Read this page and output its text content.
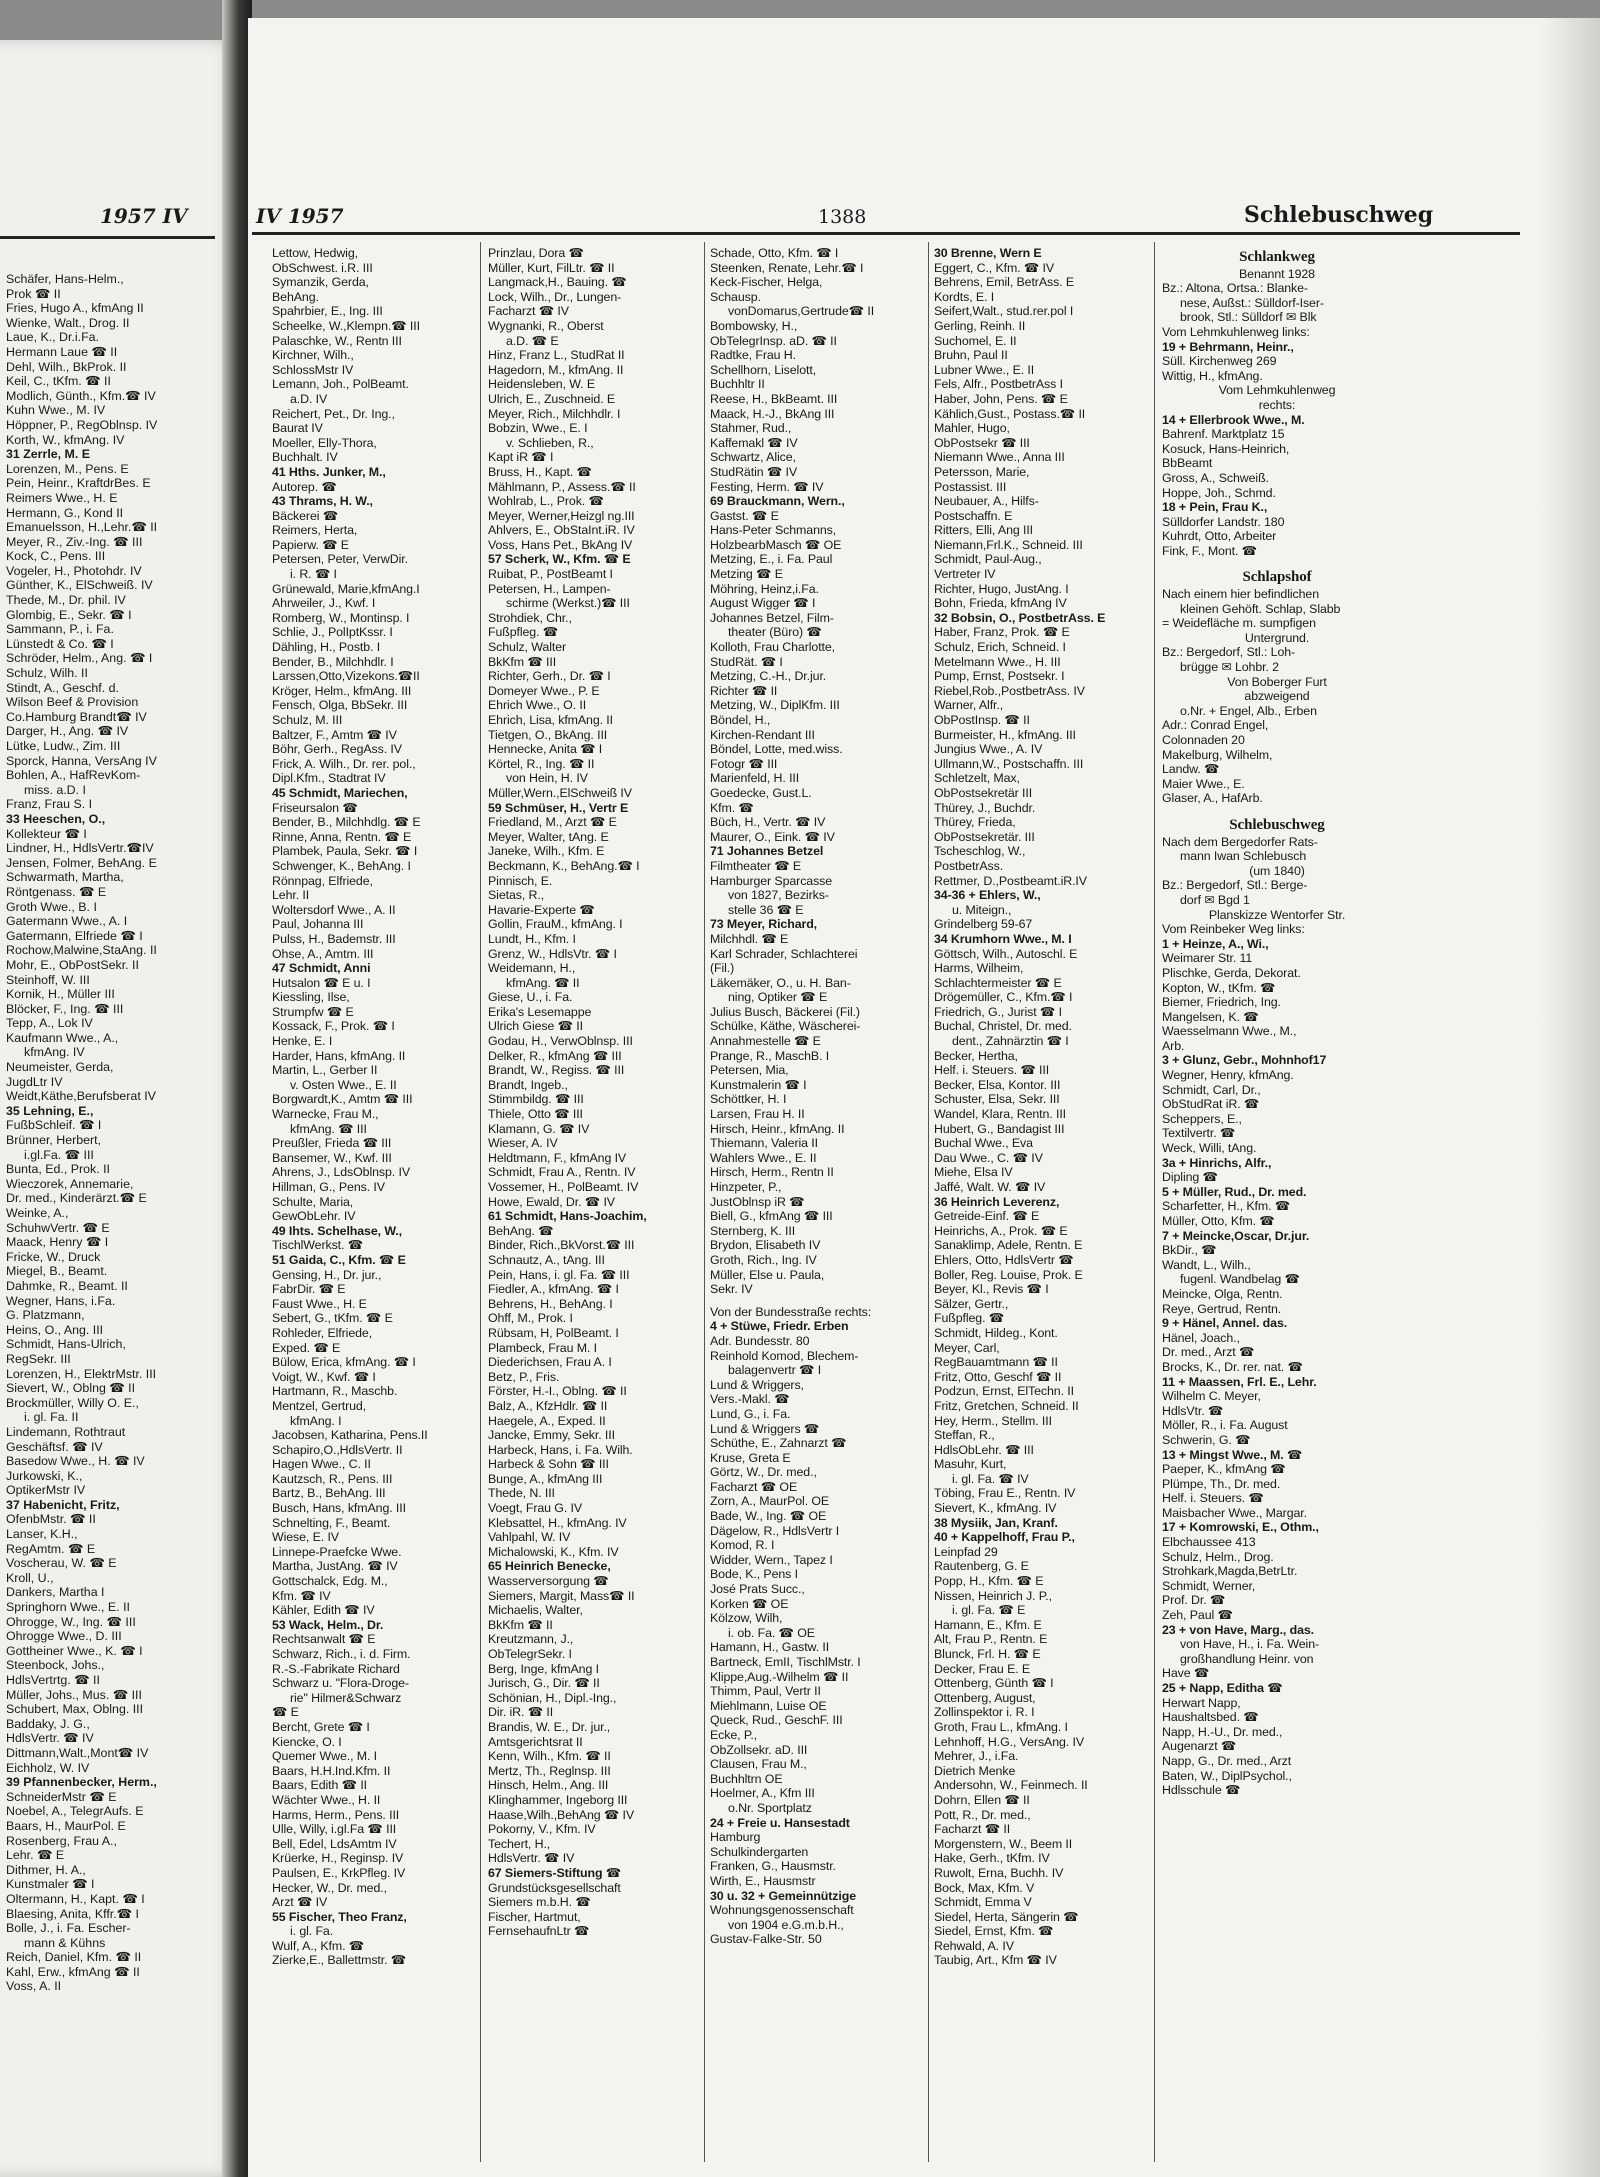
1957 IV
Schäfer, Hans-Helm.,
Prok ☎ II
Fries, Hugo A., kfmAng II
Wienke, Walt., Drog. II
Laue, K., Dr.i.Fa.
Hermann Laue ☎ II
Dehl, Wilh., BkProk. II
Keil, C., tKfm. ☎ II
Modlich, Günth., Kfm.☎ IV
Kuhn Wwe., M. IV
Höppner, P., RegOblnsp. IV
Korth, W., kfmAng. IV
31 Zerrle, M. E
Lorenzen, M., Pens. E
Pein, Heinr., KraftdrBes. E
Reimers Wwe., H. E
Hermann, G., Kond II
Emanuelsson, H.,Lehr.☎ II
Meyer, R., Ziv.-Ing. ☎ III
Kock, C., Pens. III
Vogeler, H., Photohdr. IV
Günther, K., ElSchweiß. IV
Thede, M., Dr. phil. IV
Glombig, E., Sekr. ☎ I
Sammann, P., i. Fa.
Lünstedt & Co. ☎ I
Schröder, Helm., Ang. ☎ I
Schulz, Wilh. II
Stindt, A., Geschf. d.
Wilson Beef & Provision
Co.Hamburg Brandt☎ IV
Darger, H., Ang. ☎ IV
Lütke, Ludw., Zim. III
Sporck, Hanna, VersAng IV
Bohlen, A., HafRevKom-
miss. a.D. I
Franz, Frau S. I
33 Heeschen, O.,
Kollekteur ☎ I
Lindner, H., HdlsVertr.☎IV
Jensen, Folmer, BehAng. E
Schwarmath, Martha,
Röntgenass. ☎ E
Groth Wwe., B. I
Gatermann Wwe., A. I
Gatermann, Elfriede ☎ I
Rochow,Malwine,StaAng. II
Mohr, E., ObPostSekr. II
Steinhoff, W. III
Kornik, H., Müller III
Blöcker, F., Ing. ☎ III
Tepp, A., Lok IV
Kaufmann Wwe., A.,
kfmAng. IV
Neumeister, Gerda,
JugdLtr IV
Weidt,Käthe,Berufsberat IV
35 Lehning, E.,
FußbSchleif. ☎ I
Brünner, Herbert,
i.gl.Fa. ☎ III
Bunta, Ed., Prok. II
Wieczorek, Annemarie,
Dr. med., Kinderärzt.☎ E
Weinke, A.,
SchuhwVertr. ☎ E
Maack, Henry ☎ I
Fricke, W., Druck
Miegel, B., Beamt.
Dahmke, R., Beamt. II
Wegner, Hans, i.Fa.
G. Platzmann,
Heins, O., Ang. III
Schmidt, Hans-Ulrich,
RegSekr. III
Lorenzen, H., ElektrMstr. III
Sievert, W., Oblng ☎ II
Brockmüller, Willy O. E.,
i. gl. Fa. II
Lindemann, Rothtraut
Geschäftsf. ☎ IV
Basedow Wwe., H. ☎ IV
Jurkowski, K.,
OptikerMstr IV
37 Habenicht, Fritz,
OfenbMstr. ☎ II
Lanser, K.H.,
RegAmtm. ☎ E
Voscherau, W. ☎ E
Kroll, U.,
Dankers, Martha I
Springhorn Wwe., E. II
Ohrogge, W., Ing. ☎ III
Ohrogge Wwe., D. III
Gottheiner Wwe., K. ☎ I
Steenbock, Johs.,
HdlsVertrtg. ☎ II
Müller, Johs., Mus. ☎ III
Schubert, Max, Oblng. III
Baddaky, J. G.,
HdlsVertr. ☎ IV
Dittmann,Walt.,Mont☎ IV
Eichholz, W. IV
39 Pfannenbecker, Herm.,
SchneiderMstr ☎ E
Noebel, A., TelegrAufs. E
Baars, H., MaurPol. E
Rosenberg, Frau A.,
Lehr. ☎ E
Dithmer, H. A.,
Kunstmaler ☎ I
Oltermann, H., Kapt. ☎ I
Blaesing, Anita, Kffr.☎ I
Bolle, J., i. Fa. Escher-
mann & Kühns
Reich, Daniel, Kfm. ☎ II
Kahl, Erw., kfmAng ☎ II
Voss, A. II
IV 1957	1388	Schlebuschweg
Lettow, Hedwig,
ObSchwest. i.R. III
Symanzik, Gerda,
BehAng.
Spahrbier, E., Ing. III
Scheelke, W.,Klempn.☎ III
Palaschke, W., Rentn III
Kirchner, Wilh.,
SchlossMstr IV
Lemann, Joh., PolBeamt.
a.D. IV
Reichert, Pet., Dr. Ing.,
Baurat IV
Moeller, Elly-Thora,
Buchhalt. IV
41 Hths. Junker, M.,
Autorep. ☎
43 Thrams, H. W.,
Bäckerei ☎
Reimers, Herta,
Papierw. ☎ E
Petersen, Peter, VerwDir.
i. R. ☎ I
Grünewald, Marie,kfmAng.I
Ahrweiler, J., Kwf. I
Romberg, W., Montinsp. I
Schlie, J., PolIptKssr. I
Dähling, H., Postb. I
Bender, B., Milchhdlr. I
Larssen,Otto,Vizekons.☎II
Kröger, Helm., kfmAng. III
Fensch, Olga, BbSekr. III
Schulz, M. III
Baltzer, F., Amtm ☎ IV
Böhr, Gerh., RegAss. IV
Frick, A. Wilh., Dr. rer. pol.,
Dipl.Kfm., Stadtrat IV
45 Schmidt, Mariechen,
Friseursalon ☎
Bender, B., Milchhdlg. ☎ E
Rinne, Anna, Rentn. ☎ E
Plambek, Paula, Sekr. ☎ I
Schwenger, K., BehAng. I
Rönnpag, Elfriede,
Lehr. II
Woltersdorf Wwe., A. II
Paul, Johanna III
Pulss, H., Bademstr. III
Ohse, A., Amtm. III
47 Schmidt, Anni
Hutsalon ☎ E u. I
Kiessling, Ilse,
Strumpfw ☎ E
Kossack, F., Prok. ☎ I
Henke, E. I
Harder, Hans, kfmAng. II
Martin, L., Gerber II
v. Osten Wwe., E. II
Borgwardt,K., Amtm ☎ III
Warnecke, Frau M.,
kfmAng. ☎ III
Preußler, Frieda ☎ III
Bansemer, W., Kwf. III
Ahrens, J., LdsOblnsp. IV
Hillman, G., Pens. IV
Schulte, Maria,
GewObLehr. IV
49 Ihts. Schelhase, W.,
TischlWerkst. ☎
51 Gaida, C., Kfm. ☎ E
Gensing, H., Dr. jur.,
FabrDir. ☎ E
Faust Wwe., H. E
Sebert, G., tKfm. ☎ E
Rohleder, Elfriede,
Exped. ☎ E
Bülow, Erica, kfmAng. ☎ I
Voigt, W., Kwf. ☎ I
Hartmann, R., Maschb.
Mentzel, Gertrud,
kfmAng. I
Jacobsen, Katharina, Pens.II
Schapiro,O.,HdlsVertr. II
Hagen Wwe., C. II
Kautzsch, R., Pens. III
Bartz, B., BehAng. III
Busch, Hans, kfmAng. III
Schnelting, F., Beamt.
Wiese, E. IV
Linnepe-Praefcke Wwe.
Martha, JustAng. ☎ IV
Gottschalck, Edg. M.,
Kfm. ☎ IV
Kähler, Edith ☎ IV
53 Wack, Helm., Dr.
Rechtsanwalt ☎ E
Schwarz, Rich., i. d. Firm.
R.-S.-Fabrikate Richard
Schwarz u. "Flora-Droge-
rie" Hilmer&Schwarz
☎ E
Bercht, Grete ☎ I
Kiencke, O. I
Quemer Wwe., M. I
Baars, H.H.Ind.Kfm. II
Baars, Edith ☎ II
Wächter Wwe., H. II
Harms, Herm., Pens. III
Ulle, Willy, i.gl.Fa ☎ III
Bell, Edel, LdsAmtm IV
Krüerke, H., Reginsp. IV
Paulsen, E., KrkPfleg. IV
Hecker, W., Dr. med.,
Arzt ☎ IV
55 Fischer, Theo Franz,
i. gl. Fa.
Wulf, A., Kfm. ☎
Zierke,E., Ballettmstr. ☎
Prinzlau, Dora ☎
Müller, Kurt, FilLtr. ☎ II
Langmack,H., Bauing. ☎
Lock, Wilh., Dr., Lungen-
Facharzt ☎ IV
Wygnanki, R., Oberst
a.D. ☎ E
Hinz, Franz L., StudRat II
Hagedorn, M., kfmAng. II
Heidensleben, W. E
Ulrich, E., Zuschneid. E
Meyer, Rich., Milchhdlr. I
Bobzin, Wwe., E. I
v. Schlieben, R.,
Kapt iR ☎ I
Bruss, H., Kapt. ☎
Mählmann, P., Assess.☎ II
Wohlrab, L., Prok. ☎
Meyer, Werner,Heizgl ng.III
Ahlvers, E., ObStaInt.iR. IV
Voss, Hans Pet., BkAng IV
57 Scherk, W., Kfm. ☎ E
Ruibat, P., PostBeamt I
Petersen, H., Lampen-
schirme (Werkst.)☎ III
Strohdiek, Chr.,
Fußpfleg. ☎
Schulz, Walter
BkKfm ☎ III
Richter, Gerh., Dr. ☎ I
Domeyer Wwe., P. E
Ehrich Wwe., O. II
Ehrich, Lisa, kfmAng. II
Tietgen, O., BkAng. III
Hennecke, Anita ☎ I
Körtel, R., Ing. ☎ II
von Hein, H. IV
Müller,Wern.,ElSchweiß IV
59 Schmüser, H., Vertr E
Friedland, M., Arzt ☎ E
Meyer, Walter, tAng. E
Janeke, Wilh., Kfm. E
Beckmann, K., BehAng.☎ I
Pinnisch, E.
Sietas, R.,
Havarie-Experte ☎
Gollin, FrauM., kfmAng. I
Lundt, H., Kfm. I
Grenz, W., HdlsVtr. ☎ I
Weidemann, H.,
kfmAng. ☎ II
Giese, U., i. Fa.
Erika's Lesemappe
Ulrich Giese ☎ II
Godau, H., VerwOblnsp. III
Delker, R., kfmAng ☎ III
Brandt, W., Regiss. ☎ III
Brandt, Ingeb.,
Stimmbildg. ☎ III
Thiele, Otto ☎ III
Klamann, G. ☎ IV
Wieser, A. IV
Heldtmann, F., kfmAng IV
Schmidt, Frau A., Rentn. IV
Vossemer, H., PolBeamt. IV
Howe, Ewald, Dr. ☎ IV
61 Schmidt, Hans-Joachim,
BehAng. ☎
Binder, Rich.,BkVorst.☎ III
Schnautz, A., tAng. III
Pein, Hans, i. gl. Fa. ☎ III
Fiedler, A., kfmAng. ☎ I
Behrens, H., BehAng. I
Ohff, M., Prok. I
Rübsam, H, PolBeamt. I
Plambeck, Frau M. I
Diederichsen, Frau A. I
Betz, P., Fris.
Förster, H.-I., Oblng. ☎ II
Balz, A., KfzHdlr. ☎ II
Haegele, A., Exped. II
Jancke, Emmy, Sekr. III
Harbeck, Hans, i. Fa. Wilh.
Harbeck & Sohn ☎ III
Bunge, A., kfmAng III
Thede, N. III
Voegt, Frau G. IV
Klebsattel, H., kfmAng. IV
Vahlpahl, W. IV
Michalowski, K., Kfm. IV
65 Heinrich Benecke,
Wasserversorgung ☎
Siemers, Margit, Mass☎ II
Michaelis, Walter,
BkKfm ☎ II
Kreutzmann, J.,
ObTelegrSekr. I
Berg, Inge, kfmAng I
Jurisch, G., Dir. ☎ II
Schönian, H., Dipl.-Ing.,
Dir. iR. ☎ II
Brandis, W. E., Dr. jur.,
Amtsgerichtsrat II
Kenn, Wilh., Kfm. ☎ II
Mertz, Th., Reglnsp. III
Hinsch, Helm., Ang. III
Klinghammer, Ingeborg III
Haase,Wilh.,BehAng ☎ IV
Pokorny, V., Kfm. IV
Techert, H.,
HdlsVertr. ☎ IV
67 Siemers-Stiftung ☎
Grundstücksgesellschaft
Siemers m.b.H. ☎
Fischer, Hartmut,
FernsehaufnLtr ☎
Schade, Otto, Kfm. ☎ I
Steenken, Renate, Lehr.☎ I
Keck-Fischer, Helga,
Schausp.
vonDomarus,Gertrude☎ II
Bombowsky, H.,
ObTelegrInsp. aD. ☎ II
Radtke, Frau H.
Schellhorn, Liselott,
Buchhltr II
Reese, H., BkBeamt. III
Maack, H.-J., BkAng III
Stahmer, Rud.,
Kaffemakl ☎ IV
Schwartz, Alice,
StudRätin ☎ IV
Festing, Herm. ☎ IV
69 Brauckmann, Wern.,
Gastst. ☎ E
Hans-Peter Schmanns,
HolzbearbMasch ☎ OE
Metzing, E., i. Fa. Paul
Metzing ☎ E
Möhring, Heinz,i.Fa.
August Wigger ☎ I
Johannes Betzel, Film-
theater (Büro) ☎
Kolloth, Frau Charlotte,
StudRät. ☎ I
Metzing, C.-H., Dr.jur.
Richter ☎ II
Metzing, W., DiplKfm. III
Böndel, H.,
Kirchen-Rendant III
Böndel, Lotte, med.wiss.
Fotogr ☎ III
Marienfeld, H. III
Goedecke, Gust.L.
Kfm. ☎
Büch, H., Vertr. ☎ IV
Maurer, O., Eink. ☎ IV
71 Johannes Betzel
Filmtheater ☎ E
Hamburger Sparcasse
von 1827, Bezirks-
stelle 36 ☎ E
73 Meyer, Richard,
Milchhdl. ☎ E
Karl Schrader, Schlachterei
(Fil.)
Läkemäker, O., u. H. Ban-
ning, Optiker ☎ E
Julius Busch, Bäckerei (Fil.)
Schülke, Käthe, Wäscherei-
Annahmestelle ☎ E
Prange, R., MaschB. I
Petersen, Mia,
Kunstmalerin ☎ I
Schöttker, H. I
Larsen, Frau H. II
Hirsch, Heinr., kfmAng. II
Thiemann, Valeria II
Wahlers Wwe., E. II
Hirsch, Herm., Rentn II
Hinzpeter, P.,
JustOblnsp iR ☎
Biell, G., kfmAng ☎ III
Sternberg, K. III
Brydon, Elisabeth IV
Groth, Rich., Ing. IV
Müller, Else u. Paula,
Sekr. IV

Von der Bundesstraße rechts:
4 + Stüwe, Friedr. Erben
Adr. Bundesstr. 80
Reinhold Komod, Blechem-
balagenvertr ☎ I
Lund & Wriggers,
Vers.-Makl. ☎
Lund, G., i. Fa.
Lund & Wriggers ☎
Schüthe, E., Zahnarzt ☎
Kruse, Greta E
Görtz, W., Dr. med.,
Facharzt ☎ OE
Zorn, A., MaurPol. OE
Bade, W., Ing. ☎ OE
Dägelow, R., HdlsVertr I
Komod, R. I
Widder, Wern., Tapez I
Bode, K., Pens I
José Prats Succ.,
Korken ☎ OE
Kölzow, Wilh,
i. ob. Fa. ☎ OE
Hamann, H., Gastw. II
Bartneck, EmII, TischlMstr. I
Klippe,Aug.-Wilhelm ☎ II
Thimm, Paul, Vertr II
Miehlmann, Luise OE
Queck, Rud., GeschF. III
Ecke, P.,
ObZollsekr. aD. III
Clausen, Frau M.,
Buchhltrn OE
Hoelmer, A., Kfm III
o.Nr. Sportplatz
24 + Freie u. Hansestadt
Hamburg
Schulkindergarten
Franken, G., Hausmstr.
Wirth, E., Hausmstr
30 u. 32 + Gemeinnützige
Wohnungsgenossenschaft
von 1904 e.G.m.b.H.,
Gustav-Falke-Str. 50
30 Brenne, Wern E
Eggert, C., Kfm. ☎ IV
Behrens, Emil, BetrAss. E
Kordts, E. I
Seifert,Walt., stud.rer.pol I
Gerling, Reinh. II
Suchomel, E. II
Bruhn, Paul II
Lubner Wwe., E. II
Fels, Alfr., PostbetrAss I
Haber, John, Pens. ☎ E
Kählich,Gust., Postass.☎ II
Mahler, Hugo,
ObPostsekr ☎ III
Niemann Wwe., Anna III
Petersson, Marie,
Postassist. III
Neubauer, A., Hilfs-
Postschaffn. E
Ritters, Elli, Ang III
Niemann,Frl.K., Schneid. III
Schmidt, Paul-Aug.,
Vertreter IV
Richter, Hugo, JustAng. I
Bohn, Frieda, kfmAng IV
32 Bobsin, O., PostbetrAss. E
Haber, Franz, Prok. ☎ E
Schulz, Erich, Schneid. I
Metelmann Wwe., H. III
Pump, Ernst, Postsekr. I
Riebel,Rob.,PostbetrAss. IV
Warner, Alfr.,
ObPostInsp. ☎ II
Burmeister, H., kfmAng. III
Jungius Wwe., A. IV
Ullmann,W., Postschaffn. III
Schletzelt, Max,
ObPostsekretär III
Thürey, J., Buchdr.
Thürey, Frieda,
ObPostsekretär. III
Tscheschlog, W.,
PostbetrAss.
Rettmer, D.,Postbeamt.iR.IV
34-36 + Ehlers, W.,
u. Miteign.,
Grindelberg 59-67
34 Krumhorn Wwe., M. I
Göttsch, Wilh., Autoschl. E
Harms, Wilheim,
Schlachtermeister ☎ E
Drögemüller, C., Kfm.☎ I
Friedrich, G., Jurist ☎ I
Buchal, Christel, Dr. med.
dent., Zahnärztin ☎ I
Becker, Hertha,
Helf. i. Steuers. ☎ III
Becker, Elsa, Kontor. III
Schuster, Elsa, Sekr. III
Wandel, Klara, Rentn. III
Hubert, G., Bandagist III
Buchal Wwe., Eva
Dau Wwe., C. ☎ IV
Miehe, Elsa IV
Jaffé, Walt. W. ☎ IV
36 Heinrich Leverenz,
Getreide-Einf. ☎ E
Heinrichs, A., Prok. ☎ E
Sanaklimp, Adele, Rentn. E
Ehlers, Otto, HdlsVertr ☎
Boller, Reg. Louise, Prok. E
Beyer, Kl., Revis ☎ I
Sälzer, Gertr.,
Fußpfleg. ☎
Schmidt, Hildeg., Kont.
Meyer, Carl,
RegBauamtmann ☎ II
Fritz, Otto, Geschf ☎ II
Podzun, Ernst, ElTechn. II
Fritz, Gretchen, Schneid. II
Hey, Herm., Stellm. III
Steffan, R.,
HdlsObLehr. ☎ III
Masuhr, Kurt,
i. gl. Fa. ☎ IV
Töbing, Frau E., Rentn. IV
Sievert, K., kfmAng. IV
38 Mysiik, Jan, Kranf.
40 + Kappelhoff, Frau P.,
Leinpfad 29
Rautenberg, G. E
Popp, H., Kfm. ☎ E
Nissen, Heinrich J. P.,
i. gl. Fa. ☎ E
Hamann, E., Kfm. E
Alt, Frau P., Rentn. E
Blunck, Frl. H. ☎ E
Decker, Frau E. E
Ottenberg, Günth ☎ I
Ottenberg, August,
Zollinspektor i. R. I
Groth, Frau L., kfmAng. I
Lehnhoff, H.G., VersAng. IV
Mehrer, J., i.Fa.
Dietrich Menke
Andersohn, W., Feinmech. II
Dohrn, Ellen ☎ II
Pott, R., Dr. med.,
Facharzt ☎ II
Morgenstern, W., Beem II
Hake, Gerh., tKfm. IV
Ruwolt, Erna, Buchh. IV
Bock, Max, Kfm. V
Schmidt, Emma V
Siedel, Herta, Sängerin ☎
Siedel, Ernst, Kfm. ☎
Rehwald, A. IV
Taubig, Art., Kfm ☎ IV
Schlankweg
Benannt 1928
Bz.: Altona, Ortsa.: Blanke-
nese, Außst.: Sülldorf-Iser-
brook, Stl.: Sülldorf ✉ Blk
Vom Lehmkuhlenweg links:
19 + Behrmann, Heinr.,
Süll. Kirchenweg 269
Wittig, H., kfmAng.
Vom Lehmkuhlenweg
rechts:
14 + Ellerbrook Wwe., M.
Bahrenf. Marktplatz 15
Kosuck, Hans-Heinrich,
BbBeamt
Gross, A., Schweiß.
Hoppe, Joh., Schmd.
18 + Pein, Frau K.,
Sülldorfer Landstr. 180
Kuhrdt, Otto, Arbeiter
Fink, F., Mont. ☎

Schlapshof
Nach einem hier befindlichen
kleinen Gehöft. Schlap, Slabb
= Weidefläche m. sumpfigen
Untergrund.
Bz.: Bergedorf, Stl.: Loh-
brügge ✉ Lohbr. 2
Von Boberger Furt
abzweigend
o.Nr. + Engel, Alb., Erben
Adr.: Conrad Engel,
Colonnaden 20
Makelburg, Wilhelm,
Landw. ☎
Maier Wwe., E.
Glaser, A., HafArb.

Schlebuschweg
Nach dem Bergedorfer Rats-
mann Iwan Schlebusch
(um 1840)
Bz.: Bergedorf, Stl.: Berge-
dorf ✉ Bgd 1
Planskizze Wentorfer Str.
Vom Reinbeker Weg links:
1 + Heinze, A., Wi.,
Weimarer Str. 11
Plischke, Gerda, Dekorat.
Kopton, W., tKfm. ☎
Biemer, Friedrich, Ing.
Mangelsen, K. ☎
Waesselmann Wwe., M.,
Arb.
3 + Glunz, Gebr., Mohnhof17
Wegner, Henry, kfmAng.
Schmidt, Carl, Dr.,
ObStudRat iR. ☎
Scheppers, E.,
Textilvertr. ☎
Weck, Willi, tAng.
3a + Hinrichs, Alfr.,
Dipling ☎
5 + Müller, Rud., Dr. med.
Scharfetter, H., Kfm. ☎
Müller, Otto, Kfm. ☎
7 + Meincke,Oscar, Dr.jur.
BkDir., ☎
Wandt, L., Wilh.,
fugenl. Wandbelag ☎
Meincke, Olga, Rentn.
Reye, Gertrud, Rentn.
9 + Hänel, Annel. das.
Hänel, Joach.,
Dr. med., Arzt ☎
Brocks, K., Dr. rer. nat. ☎
11 + Maassen, Frl. E., Lehr.
Wilhelm C. Meyer,
HdlsVtr. ☎
Möller, R., i. Fa. August
Schwerin, G. ☎
13 + Mingst Wwe., M. ☎
Paeper, K., kfmAng ☎
Plümpe, Th., Dr. med.
Helf. i. Steuers. ☎
Maisbacher Wwe., Margar.
17 + Komrowski, E., Othm.,
Elbchaussee 413
Schulz, Helm., Drog.
Strohkark,Magda,BetrLtr.
Schmidt, Werner,
Prof. Dr. ☎
Zeh, Paul ☎
23 + von Have, Marg., das.
von Have, H., i. Fa. Wein-
großhandlung Heinr. von
Have ☎
25 + Napp, Editha ☎
Herwart Napp,
Haushaltsbed. ☎
Napp, H.-U., Dr. med.,
Augenarzt ☎
Napp, G., Dr. med., Arzt
Baten, W., DiplPsychol.,
Hdlsschule ☎
